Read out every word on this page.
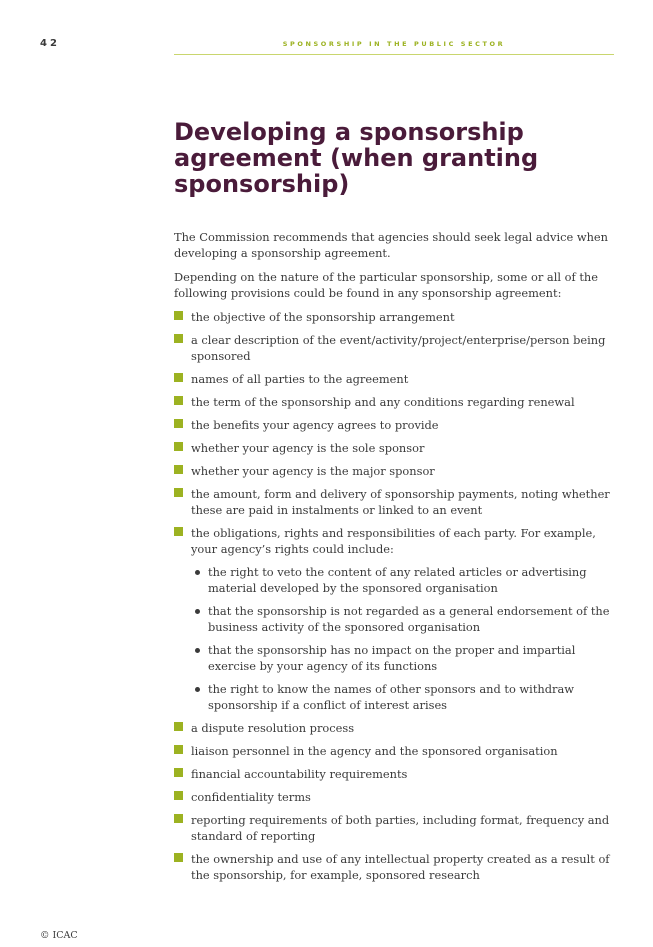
42	SPONSORSHIP IN THE PUBLIC SECTOR
Developing a sponsorship agreement (when granting sponsorship)

The Commission recommends that agencies should seek legal advice when developing a sponsorship agreement.

Depending on the nature of the particular sponsorship, some or all of the following provisions could be found in any sponsorship agreement:

the objective of the sponsorship arrangement
a clear description of the event/activity/project/enterprise/person being sponsored
names of all parties to the agreement
the term of the sponsorship and any conditions regarding renewal
the benefits your agency agrees to provide
whether your agency is the sole sponsor
whether your agency is the major sponsor
the amount, form and delivery of sponsorship payments, noting whether these are paid in instalments or linked to an event
the obligations, rights and responsibilities of each party. For example, your agency’s rights could include:
the right to veto the content of any related articles or advertising material developed by the sponsored organisation
that the sponsorship is not regarded as a general endorsement of the business activity of the sponsored organisation
that the sponsorship has no impact on the proper and impartial exercise by your agency of its functions
the right to know the names of other sponsors and to withdraw sponsorship if a conflict of interest arises
a dispute resolution process
liaison personnel in the agency and the sponsored organisation
financial accountability requirements
confidentiality terms
reporting requirements of both parties, including format, frequency and standard of reporting
the ownership and use of any intellectual property created as a result of the sponsorship, for example, sponsored research
© ICAC
